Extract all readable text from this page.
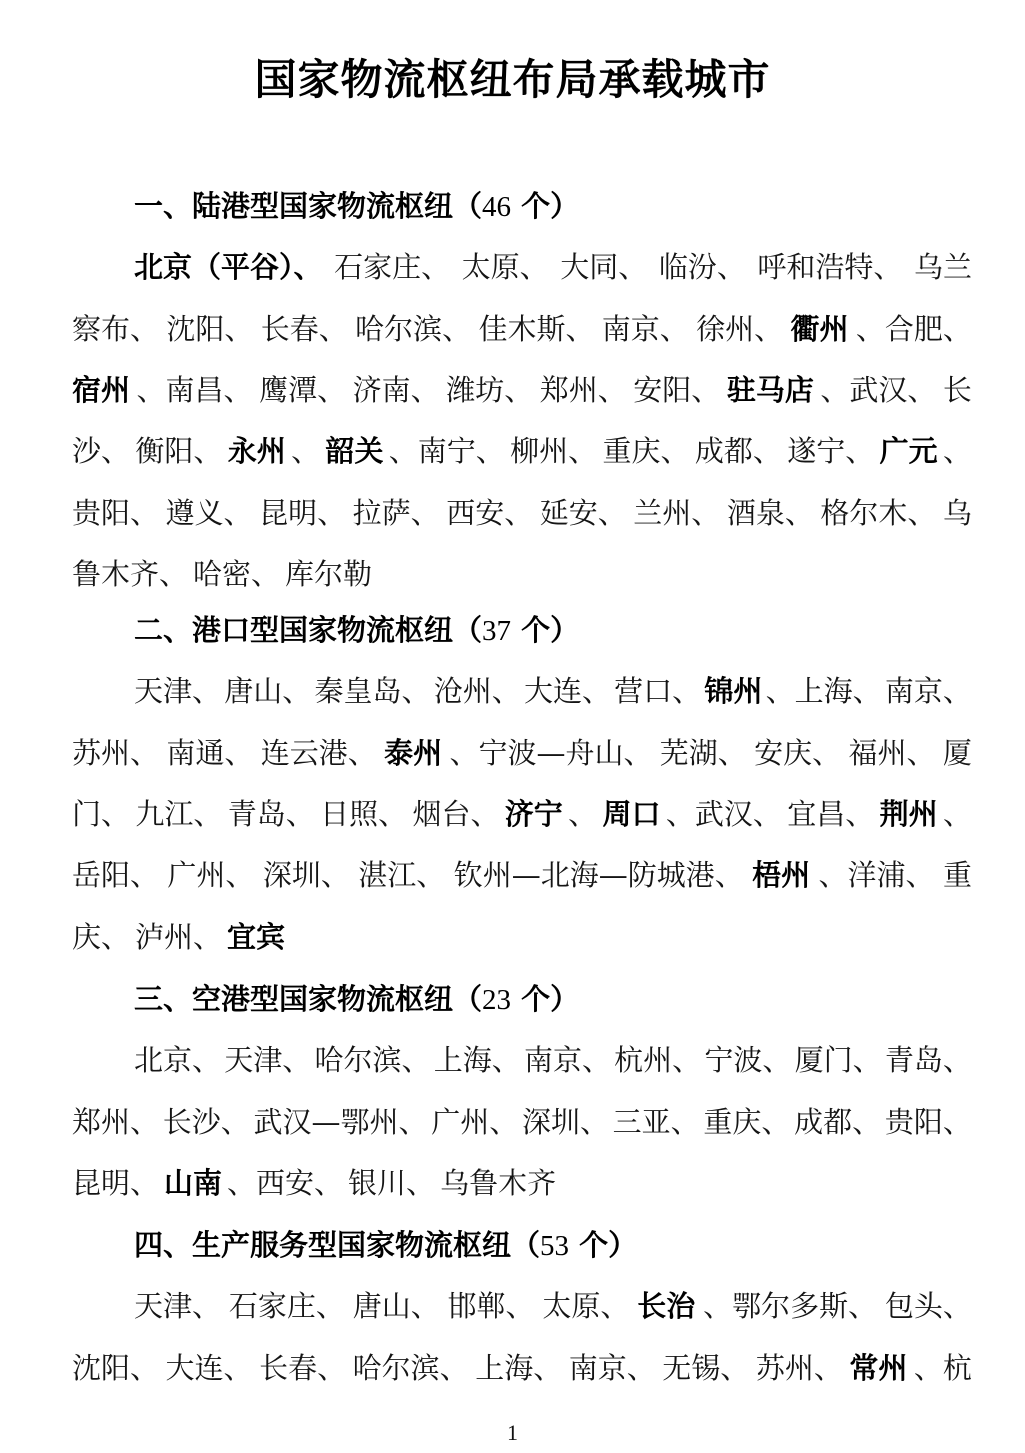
国家物流枢纽布局承载城市
一、陆港型国家物流枢纽（46 个）
北京（平谷）、 石家庄、 太原、 大同、 临汾、 呼和浩特、 乌兰
察布、 沈阳、 长春、 哈尔滨、 佳木斯、 南京、 徐州、 衢州 、合肥、
宿州 、南昌、 鹰潭、 济南、 潍坊、 郑州、 安阳、 驻马店 、武汉、 长
沙、 衡阳、 永州 、 韶关 、南宁、 柳州、 重庆、 成都、 遂宁、 广元 、
贵阳、 遵义、 昆明、 拉萨、 西安、 延安、 兰州、 酒泉、 格尔木、 乌
鲁木齐、 哈密、 库尔勒
二、港口型国家物流枢纽（37 个）
天津、 唐山、 秦皇岛、 沧州、 大连、 营口、 锦州 、上海、 南京、
苏州、 南通、 连云港、 泰州 、宁波—舟山、 芜湖、 安庆、 福州、 厦
门、 九江、 青岛、 日照、 烟台、 济宁 、 周口 、武汉、 宜昌、 荆州 、
岳阳、 广州、 深圳、 湛江、 钦州—北海—防城港、 梧州 、洋浦、 重
庆、 泸州、 宜宾
三、空港型国家物流枢纽（23 个）
北京、 天津、 哈尔滨、 上海、 南京、 杭州、 宁波、 厦门、 青岛、
郑州、 长沙、 武汉—鄂州、 广州、 深圳、 三亚、 重庆、 成都、 贵阳、
昆明、 山南 、西安、 银川、 乌鲁木齐
四、生产服务型国家物流枢纽（53 个）
天津、 石家庄、 唐山、 邯郸、 太原、 长治 、鄂尔多斯、 包头、
沈阳、 大连、 长春、 哈尔滨、 上海、 南京、 无锡、 苏州、 常州 、杭
1
